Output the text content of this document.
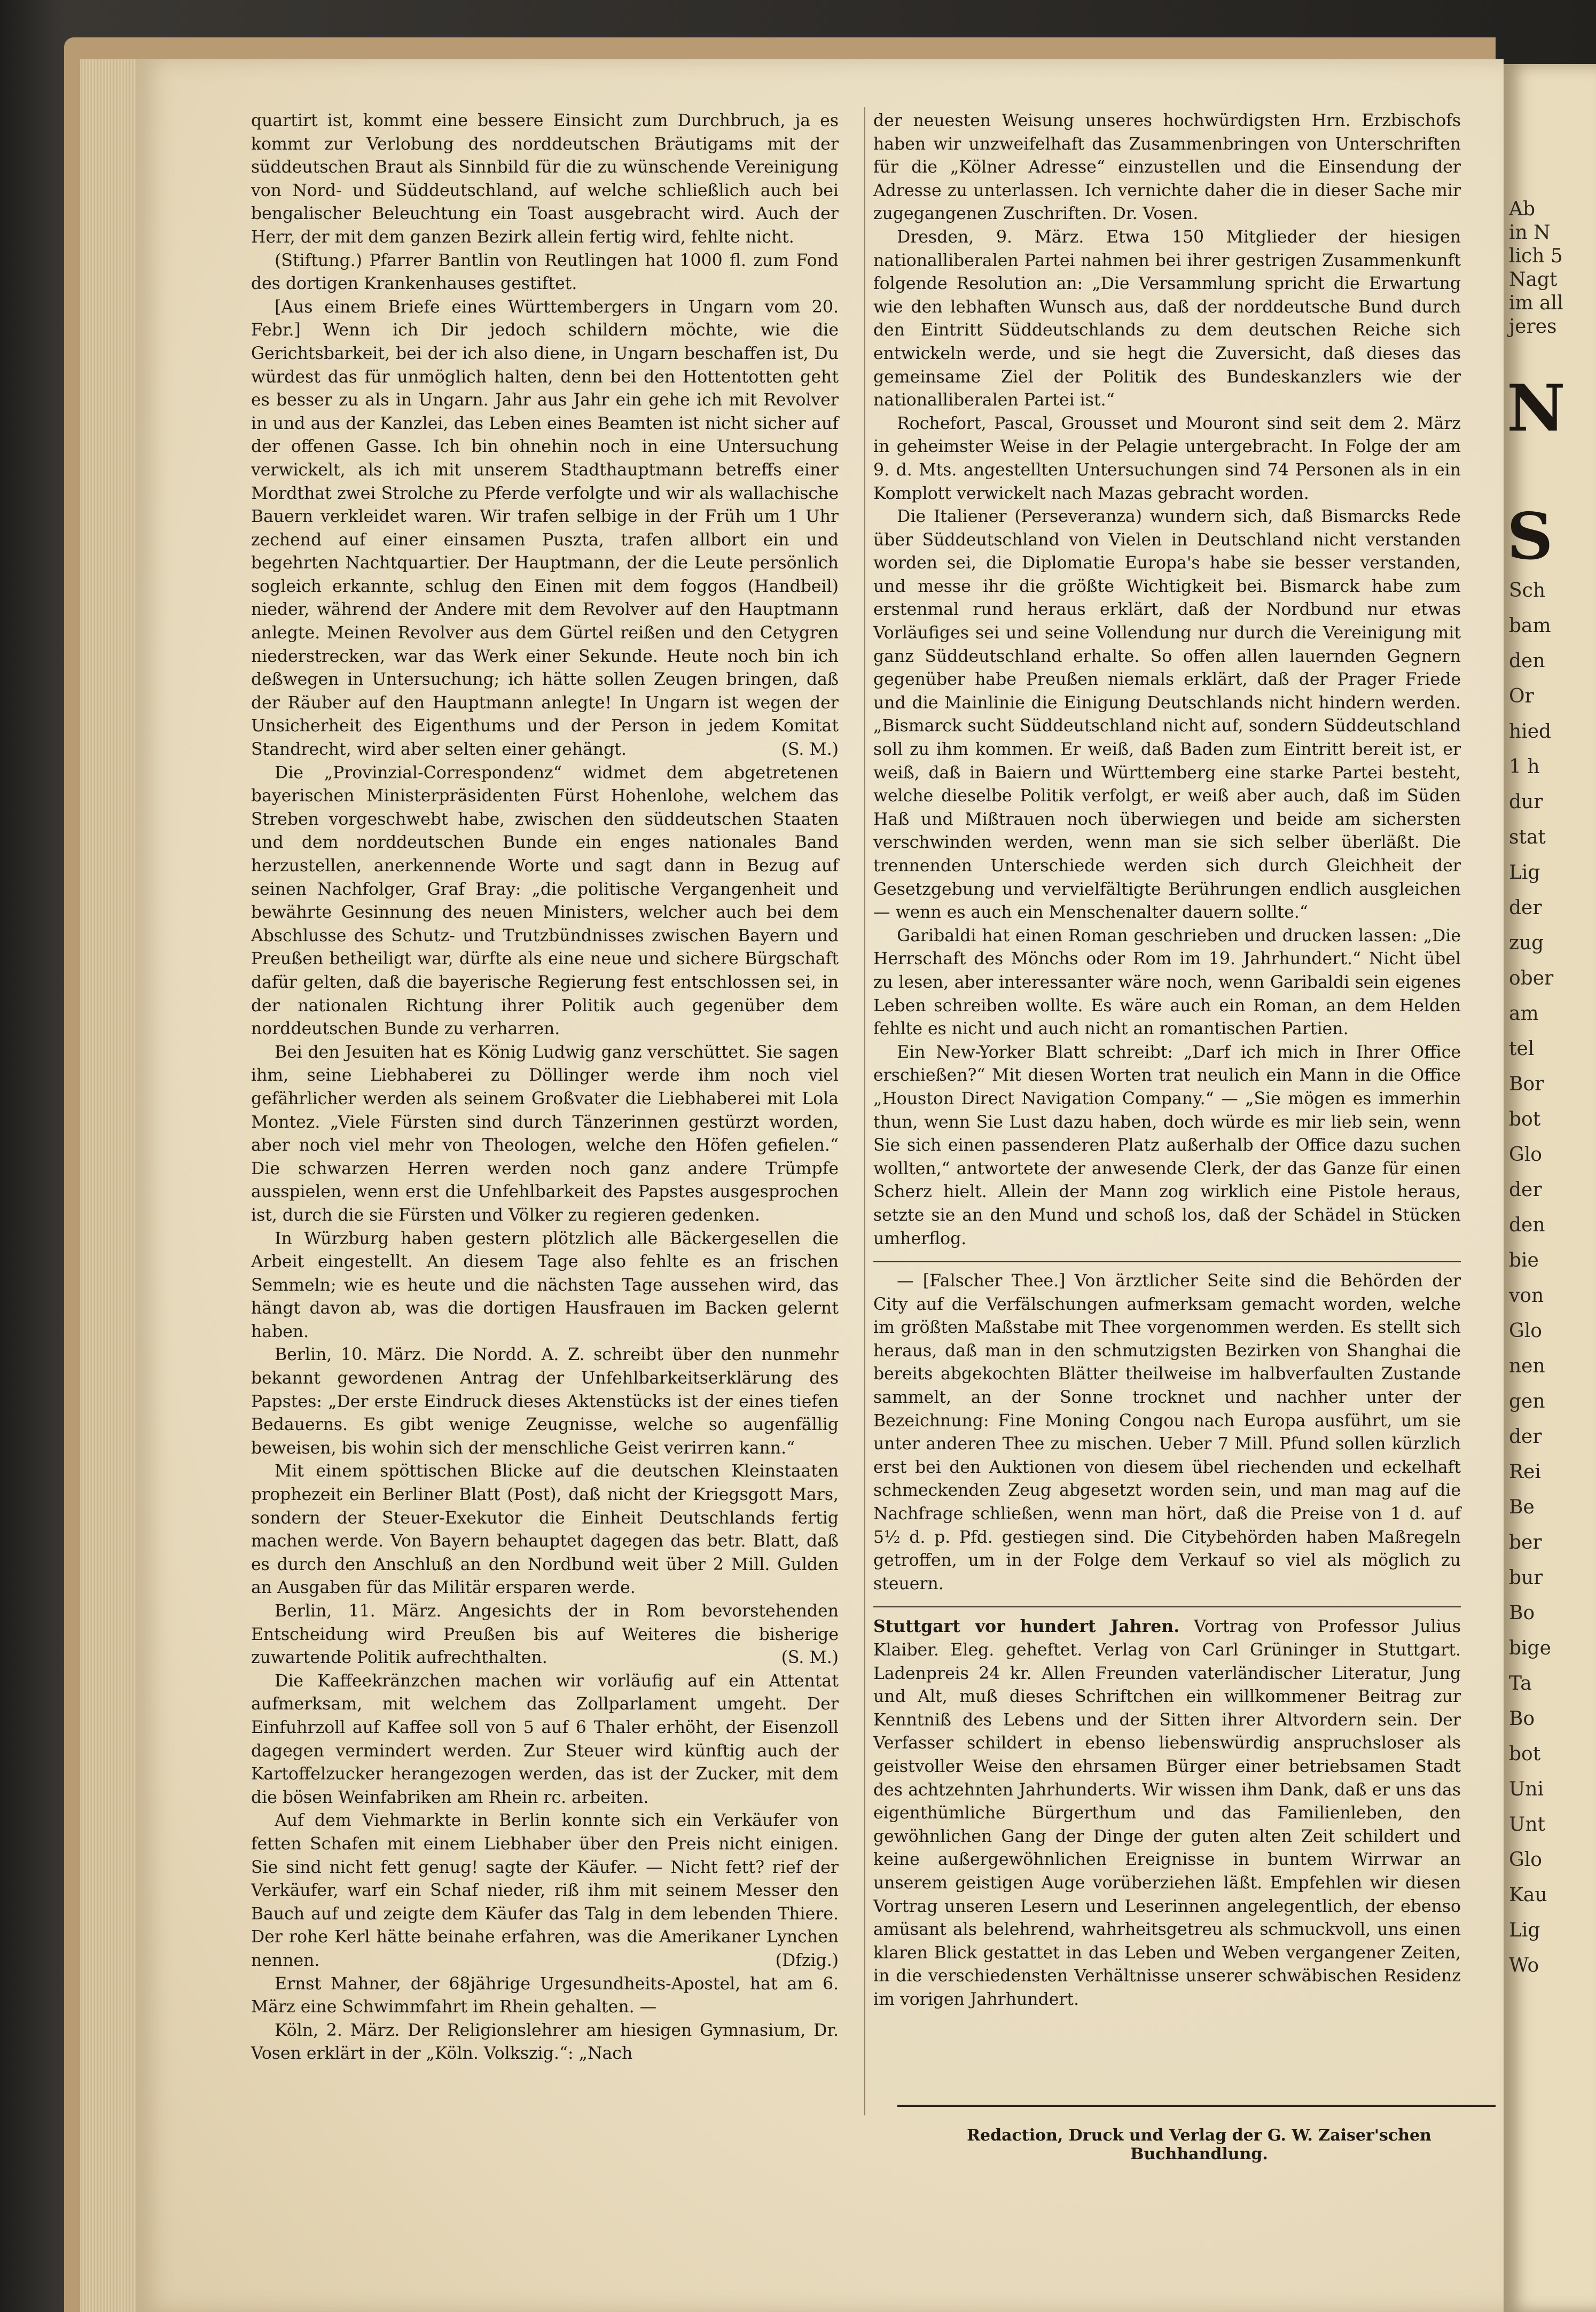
quartirt ist, kommt eine bessere Einsicht zum Durchbruch, ja es kommt zur Verlobung des norddeutschen Bräutigams mit der süddeutschen Braut als Sinnbild für die zu wünschende Vereinigung von Nord- und Süddeutschland, auf welche schließlich auch bei bengalischer Beleuchtung ein Toast ausgebracht wird. Auch der Herr, der mit dem ganzen Bezirk allein fertig wird, fehlte nicht.

(Stiftung.) Pfarrer Bantlin von Reutlingen hat 1000 fl. zum Fond des dortigen Krankenhauses gestiftet.

[Aus einem Briefe eines Württembergers in Ungarn vom 20. Febr.] Wenn ich Dir jedoch schildern möchte, wie die Gerichtsbarkeit, bei der ich also diene, in Ungarn beschaffen ist, Du würdest das für unmöglich halten, denn bei den Hottentotten geht es besser zu als in Ungarn. Jahr aus Jahr ein gehe ich mit Revolver in und aus der Kanzlei, das Leben eines Beamten ist nicht sicher auf der offenen Gasse. Ich bin ohnehin noch in eine Untersuchung verwickelt, als ich mit unserem Stadthauptmann betreffs einer Mordthat zwei Strolche zu Pferde verfolgte und wir als wallachische Bauern verkleidet waren. Wir trafen selbige in der Früh um 1 Uhr zechend auf einer einsamen Puszta, trafen allbort ein und begehrten Nachtquartier. Der Hauptmann, der die Leute persönlich sogleich erkannte, schlug den Einen mit dem foggos (Handbeil) nieder, während der Andere mit dem Revolver auf den Hauptmann anlegte. Meinen Revolver aus dem Gürtel reißen und den Cetygren niederstrecken, war das Werk einer Sekunde. Heute noch bin ich deßwegen in Untersuchung; ich hätte sollen Zeugen bringen, daß der Räuber auf den Hauptmann anlegte! In Ungarn ist wegen der Unsicherheit des Eigenthums und der Person in jedem Komitat Standrecht, wird aber selten einer gehängt.	(S. M.)

Die „Provinzial-Correspondenz“ widmet dem abgetretenen bayerischen Ministerpräsidenten Fürst Hohenlohe, welchem das Streben vorgeschwebt habe, zwischen den süddeutschen Staaten und dem norddeutschen Bunde ein enges nationales Band herzustellen, anerkennende Worte und sagt dann in Bezug auf seinen Nachfolger, Graf Bray: „die politische Vergangenheit und bewährte Gesinnung des neuen Ministers, welcher auch bei dem Abschlusse des Schutz- und Trutzbündnisses zwischen Bayern und Preußen betheiligt war, dürfte als eine neue und sichere Bürgschaft dafür gelten, daß die bayerische Regierung fest entschlossen sei, in der nationalen Richtung ihrer Politik auch gegenüber dem norddeutschen Bunde zu verharren.

Bei den Jesuiten hat es König Ludwig ganz verschüttet. Sie sagen ihm, seine Liebhaberei zu Döllinger werde ihm noch viel gefährlicher werden als seinem Großvater die Liebhaberei mit Lola Montez. „Viele Fürsten sind durch Tänzerinnen gestürzt worden, aber noch viel mehr von Theologen, welche den Höfen gefielen.“ Die schwarzen Herren werden noch ganz andere Trümpfe ausspielen, wenn erst die Unfehlbarkeit des Papstes ausgesprochen ist, durch die sie Fürsten und Völker zu regieren gedenken.

In Würzburg haben gestern plötzlich alle Bäckergesellen die Arbeit eingestellt. An diesem Tage also fehlte es an frischen Semmeln; wie es heute und die nächsten Tage aussehen wird, das hängt davon ab, was die dortigen Hausfrauen im Backen gelernt haben.

Berlin, 10. März. Die Nordd. A. Z. schreibt über den nunmehr bekannt gewordenen Antrag der Unfehlbarkeitserklärung des Papstes: „Der erste Eindruck dieses Aktenstücks ist der eines tiefen Bedauerns. Es gibt wenige Zeugnisse, welche so augenfällig beweisen, bis wohin sich der menschliche Geist verirren kann.“

Mit einem spöttischen Blicke auf die deutschen Kleinstaaten prophezeit ein Berliner Blatt (Post), daß nicht der Kriegsgott Mars, sondern der Steuer-Exekutor die Einheit Deutschlands fertig machen werde. Von Bayern behauptet dagegen das betr. Blatt, daß es durch den Anschluß an den Nordbund weit über 2 Mill. Gulden an Ausgaben für das Militär ersparen werde.

Berlin, 11. März. Angesichts der in Rom bevorstehenden Entscheidung wird Preußen bis auf Weiteres die bisherige zuwartende Politik aufrechthalten.	(S. M.)

Die Kaffeekränzchen machen wir vorläufig auf ein Attentat aufmerksam, mit welchem das Zollparlament umgeht. Der Einfuhrzoll auf Kaffee soll von 5 auf 6 Thaler erhöht, der Eisenzoll dagegen vermindert werden. Zur Steuer wird künftig auch der Kartoffelzucker herangezogen werden, das ist der Zucker, mit dem die bösen Weinfabriken am Rhein rc. arbeiten.

Auf dem Viehmarkte in Berlin konnte sich ein Verkäufer von fetten Schafen mit einem Liebhaber über den Preis nicht einigen. Sie sind nicht fett genug! sagte der Käufer. — Nicht fett? rief der Verkäufer, warf ein Schaf nieder, riß ihm mit seinem Messer den Bauch auf und zeigte dem Käufer das Talg in dem lebenden Thiere. Der rohe Kerl hätte beinahe erfahren, was die Amerikaner Lynchen nennen.	(Dfzig.)

Ernst Mahner, der 68jährige Urgesundheits-Apostel, hat am 6. März eine Schwimmfahrt im Rhein gehalten. —

Köln, 2. März. Der Religionslehrer am hiesigen Gymnasium, Dr. Vosen erklärt in der „Köln. Volkszig.“: „Nach

der neuesten Weisung unseres hochwürdigsten Hrn. Erzbischofs haben wir unzweifelhaft das Zusammenbringen von Unterschriften für die „Kölner Adresse“ einzustellen und die Einsendung der Adresse zu unterlassen. Ich vernichte daher die in dieser Sache mir zugegangenen Zuschriften. Dr. Vosen.

Dresden, 9. März. Etwa 150 Mitglieder der hiesigen nationalliberalen Partei nahmen bei ihrer gestrigen Zusammenkunft folgende Resolution an: „Die Versammlung spricht die Erwartung wie den lebhaften Wunsch aus, daß der norddeutsche Bund durch den Eintritt Süddeutschlands zu dem deutschen Reiche sich entwickeln werde, und sie hegt die Zuversicht, daß dieses das gemeinsame Ziel der Politik des Bundeskanzlers wie der nationalliberalen Partei ist.“

Rochefort, Pascal, Grousset und Mouront sind seit dem 2. März in geheimster Weise in der Pelagie untergebracht. In Folge der am 9. d. Mts. angestellten Untersuchungen sind 74 Personen als in ein Komplott verwickelt nach Mazas gebracht worden.

Die Italiener (Perseveranza) wundern sich, daß Bismarcks Rede über Süddeutschland von Vielen in Deutschland nicht verstanden worden sei, die Diplomatie Europa's habe sie besser verstanden, und messe ihr die größte Wichtigkeit bei. Bismarck habe zum erstenmal rund heraus erklärt, daß der Nordbund nur etwas Vorläufiges sei und seine Vollendung nur durch die Vereinigung mit ganz Süddeutschland erhalte. So offen allen lauernden Gegnern gegenüber habe Preußen niemals erklärt, daß der Prager Friede und die Mainlinie die Einigung Deutschlands nicht hindern werden. „Bismarck sucht Süddeutschland nicht auf, sondern Süddeutschland soll zu ihm kommen. Er weiß, daß Baden zum Eintritt bereit ist, er weiß, daß in Baiern und Württemberg eine starke Partei besteht, welche dieselbe Politik verfolgt, er weiß aber auch, daß im Süden Haß und Mißtrauen noch überwiegen und beide am sichersten verschwinden werden, wenn man sie sich selber überläßt. Die trennenden Unterschiede werden sich durch Gleichheit der Gesetzgebung und vervielfältigte Berührungen endlich ausgleichen — wenn es auch ein Menschenalter dauern sollte.“

Garibaldi hat einen Roman geschrieben und drucken lassen: „Die Herrschaft des Mönchs oder Rom im 19. Jahrhundert.“ Nicht übel zu lesen, aber interessanter wäre noch, wenn Garibaldi sein eigenes Leben schreiben wollte. Es wäre auch ein Roman, an dem Helden fehlte es nicht und auch nicht an romantischen Partien.

Ein New-Yorker Blatt schreibt: „Darf ich mich in Ihrer Office erschießen?“ Mit diesen Worten trat neulich ein Mann in die Office „Houston Direct Navigation Company.“ — „Sie mögen es immerhin thun, wenn Sie Lust dazu haben, doch würde es mir lieb sein, wenn Sie sich einen passenderen Platz außerhalb der Office dazu suchen wollten,“ antwortete der anwesende Clerk, der das Ganze für einen Scherz hielt. Allein der Mann zog wirklich eine Pistole heraus, setzte sie an den Mund und schoß los, daß der Schädel in Stücken umherflog.

— [Falscher Thee.] Von ärztlicher Seite sind die Behörden der City auf die Verfälschungen aufmerksam gemacht worden, welche im größten Maßstabe mit Thee vorgenommen werden. Es stellt sich heraus, daß man in den schmutzigsten Bezirken von Shanghai die bereits abgekochten Blätter theilweise im halbverfaulten Zustande sammelt, an der Sonne trocknet und nachher unter der Bezeichnung: Fine Moning Congou nach Europa ausführt, um sie unter anderen Thee zu mischen. Ueber 7 Mill. Pfund sollen kürzlich erst bei den Auktionen von diesem übel riechenden und eckelhaft schmeckenden Zeug abgesetzt worden sein, und man mag auf die Nachfrage schließen, wenn man hört, daß die Preise von 1 d. auf 5½ d. p. Pfd. gestiegen sind. Die Citybehörden haben Maßregeln getroffen, um in der Folge dem Verkauf so viel als möglich zu steuern.

Stuttgart vor hundert Jahren. Vortrag von Professor Julius Klaiber. Eleg. geheftet. Verlag von Carl Grüninger in Stuttgart. Ladenpreis 24 kr. Allen Freunden vaterländischer Literatur, Jung und Alt, muß dieses Schriftchen ein willkommener Beitrag zur Kenntniß des Lebens und der Sitten ihrer Altvordern sein. Der Verfasser schildert in ebenso liebenswürdig anspruchsloser als geistvoller Weise den ehrsamen Bürger einer betriebsamen Stadt des achtzehnten Jahrhunderts. Wir wissen ihm Dank, daß er uns das eigenthümliche Bürgerthum und das Familienleben, den gewöhnlichen Gang der Dinge der guten alten Zeit schildert und keine außergewöhnlichen Ereignisse in buntem Wirrwar an unserem geistigen Auge vorüberziehen läßt. Empfehlen wir diesen Vortrag unseren Lesern und Leserinnen angelegentlich, der ebenso amüsant als belehrend, wahrheitsgetreu als schmuckvoll, uns einen klaren Blick gestattet in das Leben und Weben vergangener Zeiten, in die verschiedensten Verhältnisse unserer schwäbischen Residenz im vorigen Jahrhundert.

Redaction, Druck und Verlag der G. W. Zaiser'schen Buchhandlung.
Ab
in N
lich 5
Nagt
im all
jeres
N
S
Sch
bam
den
Or
hied
1 h
dur
stat
Lig
der
zug
ober
am
tel
Bor
bot
Glo
der
den
bie
von
Glo
nen
gen
der
Rei
Be
ber
bur
Bo
bige
Ta
Bo
bot
Uni
Unt
Glo
Kau
Lig
Wo
